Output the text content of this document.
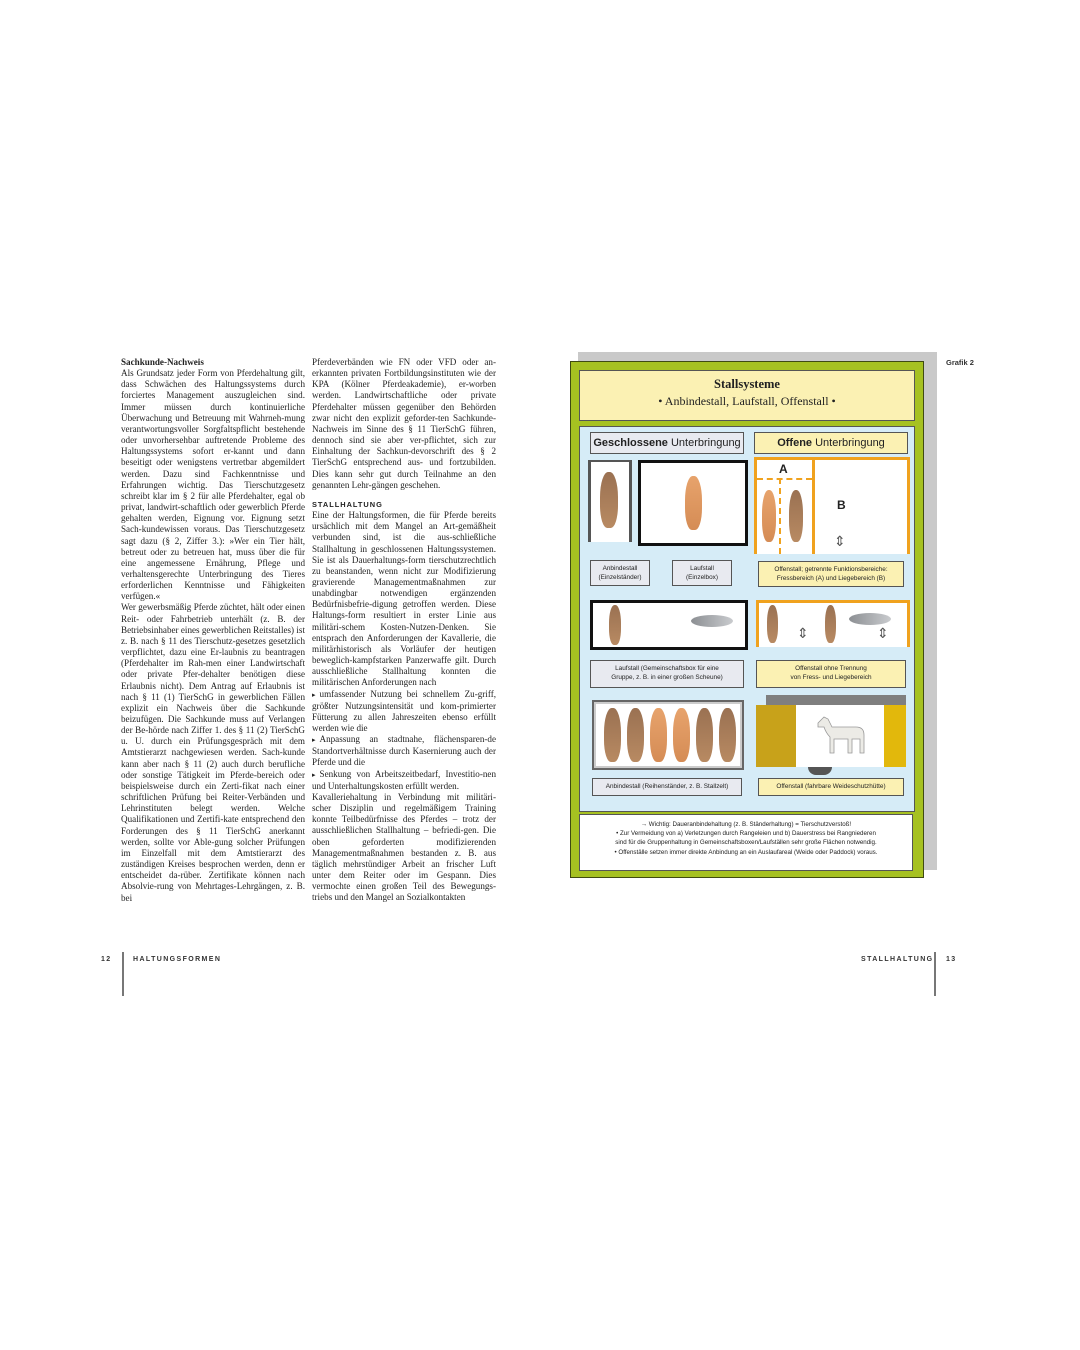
Sachkunde-Nachweis

Als Grundsatz jeder Form von Pferdehaltung gilt, dass Schwächen des Haltungssystems durch forciertes Management auszugleichen sind. Immer müssen durch kontinuierliche Überwachung und Betreuung mit Wahrneh-mung verantwortungsvoller Sorgfaltspflicht bestehende oder unvorhersehbar auftretende Probleme des Haltungssystems sofort er-kannt und dann beseitigt oder wenigstens vertretbar abgemildert werden. Dazu sind Fachkenntnisse und Erfahrungen wichtig. Das Tierschutzgesetz schreibt klar im § 2 für alle Pferdehalter, egal ob privat, landwirt-schaftlich oder gewerblich Pferde gehalten werden, Eignung vor. Eignung setzt Sach-kundewissen voraus. Das Tierschutzgesetz sagt dazu (§ 2, Ziffer 3.): »Wer ein Tier hält, betreut oder zu betreuen hat, muss über die für eine angemessene Ernährung, Pflege und verhaltensgerechte Unterbringung des Tieres erforderlichen Kenntnisse und Fähigkeiten verfügen.«

Wer gewerbsmäßig Pferde züchtet, hält oder einen Reit- oder Fahrbetrieb unterhält (z. B. der Betriebsinhaber eines gewerblichen Reitstalles) ist z. B. nach § 11 des Tierschutz-gesetzes gesetzlich verpflichtet, dazu eine Er-laubnis zu beantragen (Pferdehalter im Rah-men einer Landwirtschaft oder private Pfer-dehalter benötigen diese Erlaubnis nicht). Dem Antrag auf Erlaubnis ist nach § 11 (1) TierSchG in gewerblichen Fällen explizit ein Nachweis über die Sachkunde beizufügen. Die Sachkunde muss auf Verlangen der Be-hörde nach Ziffer 1. des § 11 (2) TierSchG u. U. durch ein Prüfungsgespräch mit dem Amtstierarzt nachgewiesen werden. Sach-kunde kann aber nach § 11 (2) auch durch berufliche oder sonstige Tätigkeit im Pferde-bereich oder beispielsweise durch ein Zerti-fikat nach einer schriftlichen Prüfung bei Reiter-Verbänden und Lehrinstituten belegt werden. Welche Qualifikationen und Zertifi-kate entsprechend den Forderungen des § 11 TierSchG anerkannt werden, sollte vor Able-gung solcher Prüfungen im Einzelfall mit dem Amtstierarzt des zuständigen Kreises besprochen werden, denn er entscheidet da-rüber. Zertifikate können nach Absolvie-rung von Mehrtages-Lehrgängen, z. B. bei

Pferdeverbänden wie FN oder VFD oder an-erkannten privaten Fortbildungsinstituten wie der KPA (Kölner Pferdeakademie), er-worben werden. Landwirtschaftliche oder private Pferdehalter müssen gegenüber den Behörden zwar nicht den explizit geforder-ten Sachkunde-Nachweis im Sinne des § 11 TierSchG führen, dennoch sind sie aber ver-pflichtet, sich zur Einhaltung der Sachkun-devorschrift des § 2 TierSchG entsprechend aus- und fortzubilden. Dies kann sehr gut durch Teilnahme an den genannten Lehr-gängen geschehen.

STALLHALTUNG

Eine der Haltungsformen, die für Pferde bereits ursächlich mit dem Mangel an Art-gemäßheit verbunden sind, ist die aus-schließliche Stallhaltung in geschlossenen Haltungssystemen. Sie ist als Dauerhaltungs-form tierschutzrechtlich zu beanstanden, wenn nicht zur Modifizierung gravierende Managementmaßnahmen zur unabdingbar notwendigen ergänzenden Bedürfnisbefrie-digung getroffen werden. Diese Haltungs-form resultiert in erster Linie aus militäri-schem Kosten-Nutzen-Denken. Sie entsprach den Anforderungen der Kavallerie, die militärhistorisch als Vorläufer der heutigen beweglich-kampfstarken Panzerwaffe gilt. Durch ausschließliche Stallhaltung konnten die militärischen Anforderungen nach

▸ umfassender Nutzung bei schnellem Zu-griff, größter Nutzungsintensität und kom-primierter Fütterung zu allen Jahreszeiten ebenso erfüllt werden wie die

▸ Anpassung an stadtnahe, flächensparen-de Standortverhältnisse durch Kasernierung auch der Pferde und die

▸ Senkung von Arbeitszeitbedarf, Investitio-nen und Unterhaltungskosten erfüllt werden.

Kavalleriehaltung in Verbindung mit militäri-scher Disziplin und regelmäßigem Training konnte Teilbedürfnisse des Pferdes – trotz der ausschließlichen Stallhaltung – befriedi-gen. Die oben geforderten modifizierenden Managementmaßnahmen bestanden z. B. aus täglich mehrstündiger Arbeit an frischer Luft unter dem Reiter oder im Gespann. Dies vermochte einen großen Teil des Bewegungs-triebs und den Mangel an Sozialkontakten

12	HALTUNGSFORMEN	STALLHALTUNG 13
Grafik 2
Stallsysteme
• Anbindestall, Laufstall, Offenstall •
Geschlossene Unterbringung	Offene Unterbringung
Anbindestall
(Einzelständer)
Laufstall
(Einzelbox)
A
B
⇕
Offenstall; getrennte Funktionsbereiche:
Fressbereich (A) und Liegebereich (B)
Laufstall (Gemeinschaftsbox für eine
Gruppe, z. B. in einer großen Scheune)
⇕	⇕
Offenstall ohne Trennung
von Fress- und Liegebereich
Anbindestall (Reihenständer, z. B. Stallzelt)	Offenstall (fahrbare Weideschutzhütte)
→ Wichtig: Daueranbindehaltung (z. B. Ständerhaltung) = Tierschutzverstoß!
• Zur Vermeidung von a) Verletzungen durch Rangeleien und b) Dauerstress bei Rangniederen
sind für die Gruppenhaltung in Gemeinschaftsboxen/Laufställen sehr große Flächen notwendig.
• Offenställe setzen immer direkte Anbindung an ein Auslaufareal (Weide oder Paddock) voraus.
